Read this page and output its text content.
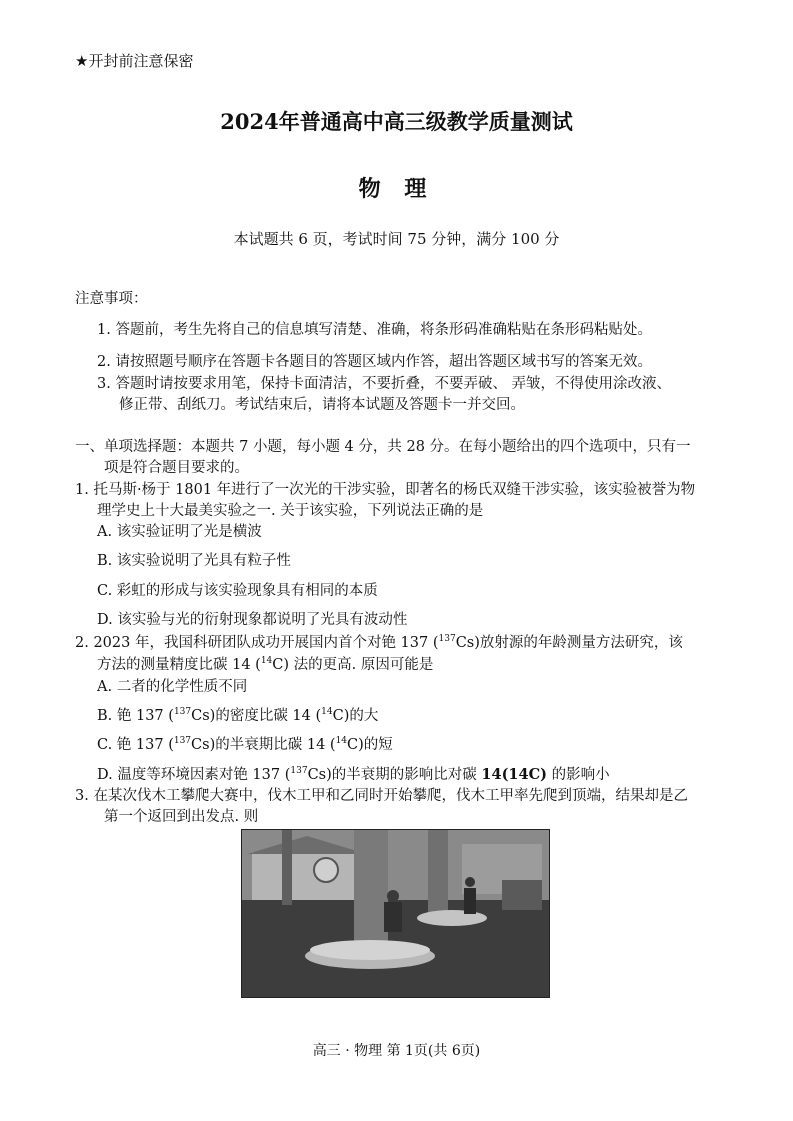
★开封前注意保密
2024年普通高中高三级教学质量测试
物 理
本试题共 6 页，考试时间 75 分钟，满分 100 分
注意事项：
1. 答题前，考生先将自己的信息填写清楚、准确，将条形码准确粘贴在条形码粘贴处。
2. 请按照题号顺序在答题卡各题目的答题区域内作答，超出答题区域书写的答案无效。
3. 答题时请按要求用笔，保持卡面清洁，不要折叠，不要弄破、 弄皱，不得使用涂改液、
修正带、刮纸刀。考试结束后，请将本试题及答题卡一并交回。
一、单项选择题：本题共 7 小题，每小题 4 分，共 28 分。在每小题给出的四个选项中，只有一
项是符合题目要求的。
1. 托马斯·杨于 1801 年进行了一次光的干涉实验，即著名的杨氏双缝干涉实验，该实验被誉为物
理学史上十大最美实验之一. 关于该实验，下列说法正确的是
A. 该实验证明了光是横波
B. 该实验说明了光具有粒子性
C. 彩虹的形成与该实验现象具有相同的本质
D. 该实验与光的衍射现象都说明了光具有波动性
2. 2023 年，我国科研团队成功开展国内首个对铯 137 ($^{137}$Cs)放射源的年龄测量方法研究，该
方法的测量精度比碳 14 ($^{14}$C) 法的更高. 原因可能是
A. 二者的化学性质不同
B. 铯 137 ($^{137}$Cs)的密度比碳 14 ($^{14}$C)的大
C. 铯 137 ($^{137}$Cs)的半衰期比碳 14 ($^{14}$C)的短
D. 温度等环境因素对铯 137 ($^{137}$Cs)的半衰期的影响比对碳 14(14C) 的影响小
3. 在某次伐木工攀爬大赛中，伐木工甲和乙同时开始攀爬，伐木工甲率先爬到顶端，结果却是乙
第一个返回到出发点. 则
高三 · 物理 第 1页(共 6页)
